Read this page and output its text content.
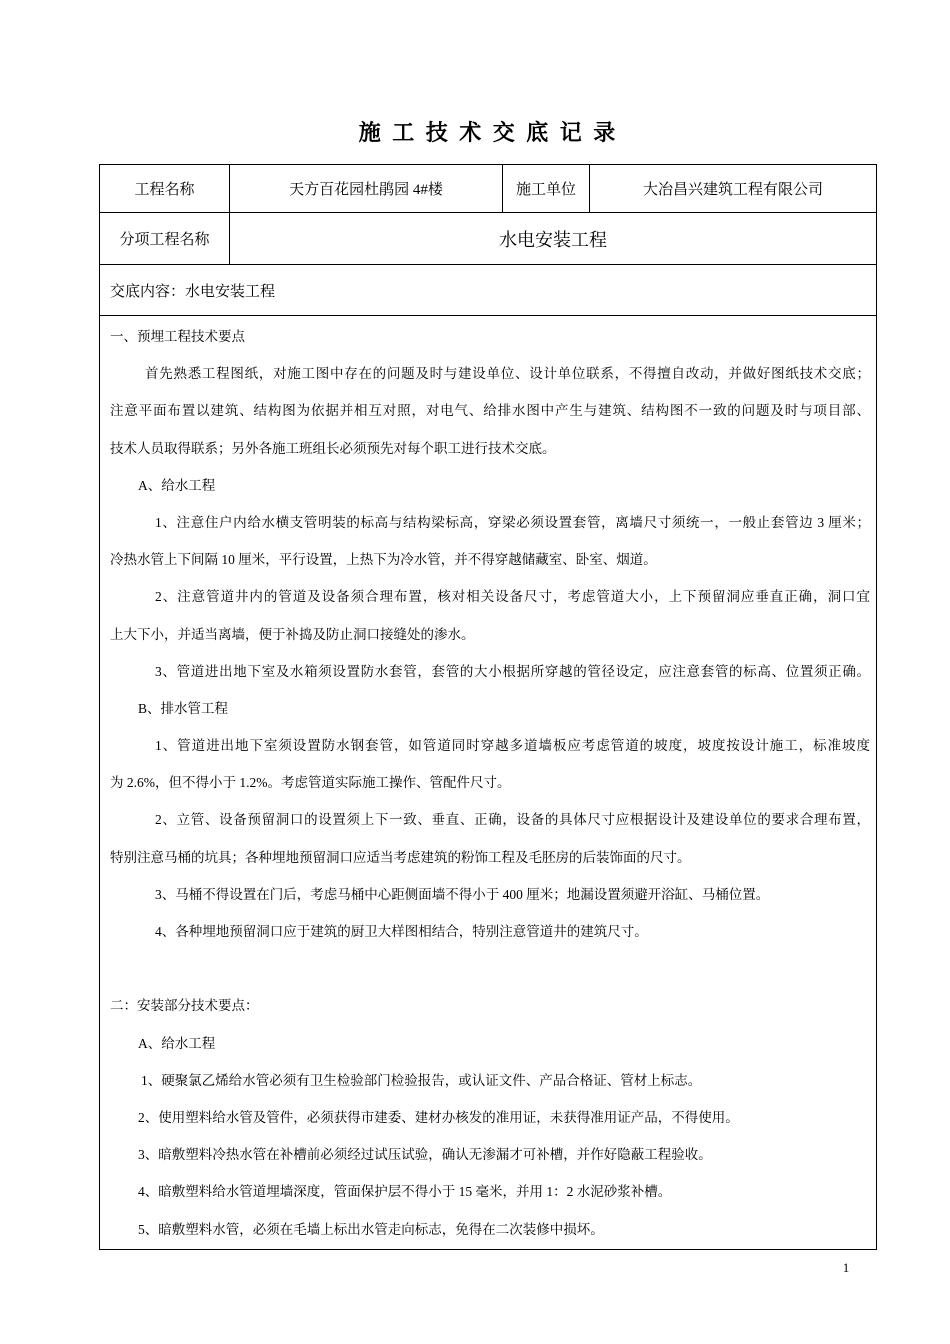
施 工 技 术 交 底 记 录
工程名称	天方百花园杜鹃园 4#楼	施工单位	大冶昌兴建筑工程有限公司
分项工程名称	水电安装工程
交底内容：水电安装工程
一、预埋工程技术要点
首先熟悉工程图纸，对施工图中存在的问题及时与建设单位、设计单位联系，不得擅自改动，并做好图纸技术交底；
注意平面布置以建筑、结构图为依据并相互对照，对电气、给排水图中产生与建筑、结构图不一致的问题及时与项目部、
技术人员取得联系；另外各施工班组长必须预先对每个职工进行技术交底。
A、给水工程
1、注意住户内给水横支管明装的标高与结构梁标高，穿梁必须设置套管，离墙尺寸须统一，一般止套管边 3 厘米；
冷热水管上下间隔 10 厘米，平行设置，上热下为冷水管，并不得穿越储藏室、卧室、烟道。
2、注意管道井内的管道及设备须合理布置，核对相关设备尺寸，考虑管道大小，上下预留洞应垂直正确，洞口宜
上大下小，并适当离墙，便于补捣及防止洞口接缝处的渗水。
3、管道进出地下室及水箱须设置防水套管，套管的大小根据所穿越的管径设定，应注意套管的标高、位置须正确。
B、排水管工程
1、管道进出地下室须设置防水钢套管，如管道同时穿越多道墙板应考虑管道的坡度，坡度按设计施工，标准坡度
为 2.6%，但不得小于 1.2%。考虑管道实际施工操作、管配件尺寸。
2、立管、设备预留洞口的设置须上下一致、垂直、正确，设备的具体尺寸应根据设计及建设单位的要求合理布置，
特别注意马桶的坑具；各种埋地预留洞口应适当考虑建筑的粉饰工程及毛胚房的后装饰面的尺寸。
3、马桶不得设置在门后，考虑马桶中心距侧面墙不得小于 400 厘米；地漏设置须避开浴缸、马桶位置。
4、各种埋地预留洞口应于建筑的厨卫大样图相结合，特别注意管道井的建筑尺寸。
二：安装部分技术要点：
A、给水工程
1、硬聚氯乙烯给水管必须有卫生检验部门检验报告，或认证文件、产品合格证、管材上标志。
2、使用塑料给水管及管件，必须获得市建委、建材办核发的准用证，未获得准用证产品，不得使用。
3、暗敷塑料冷热水管在补槽前必须经过试压试验，确认无渗漏才可补槽，并作好隐蔽工程验收。
4、暗敷塑料给水管道埋墙深度，管面保护层不得小于 15 毫米，并用 1：2 水泥砂浆补槽。
5、暗敷塑料水管，必须在毛墙上标出水管走向标志，免得在二次装修中损坏。
1
